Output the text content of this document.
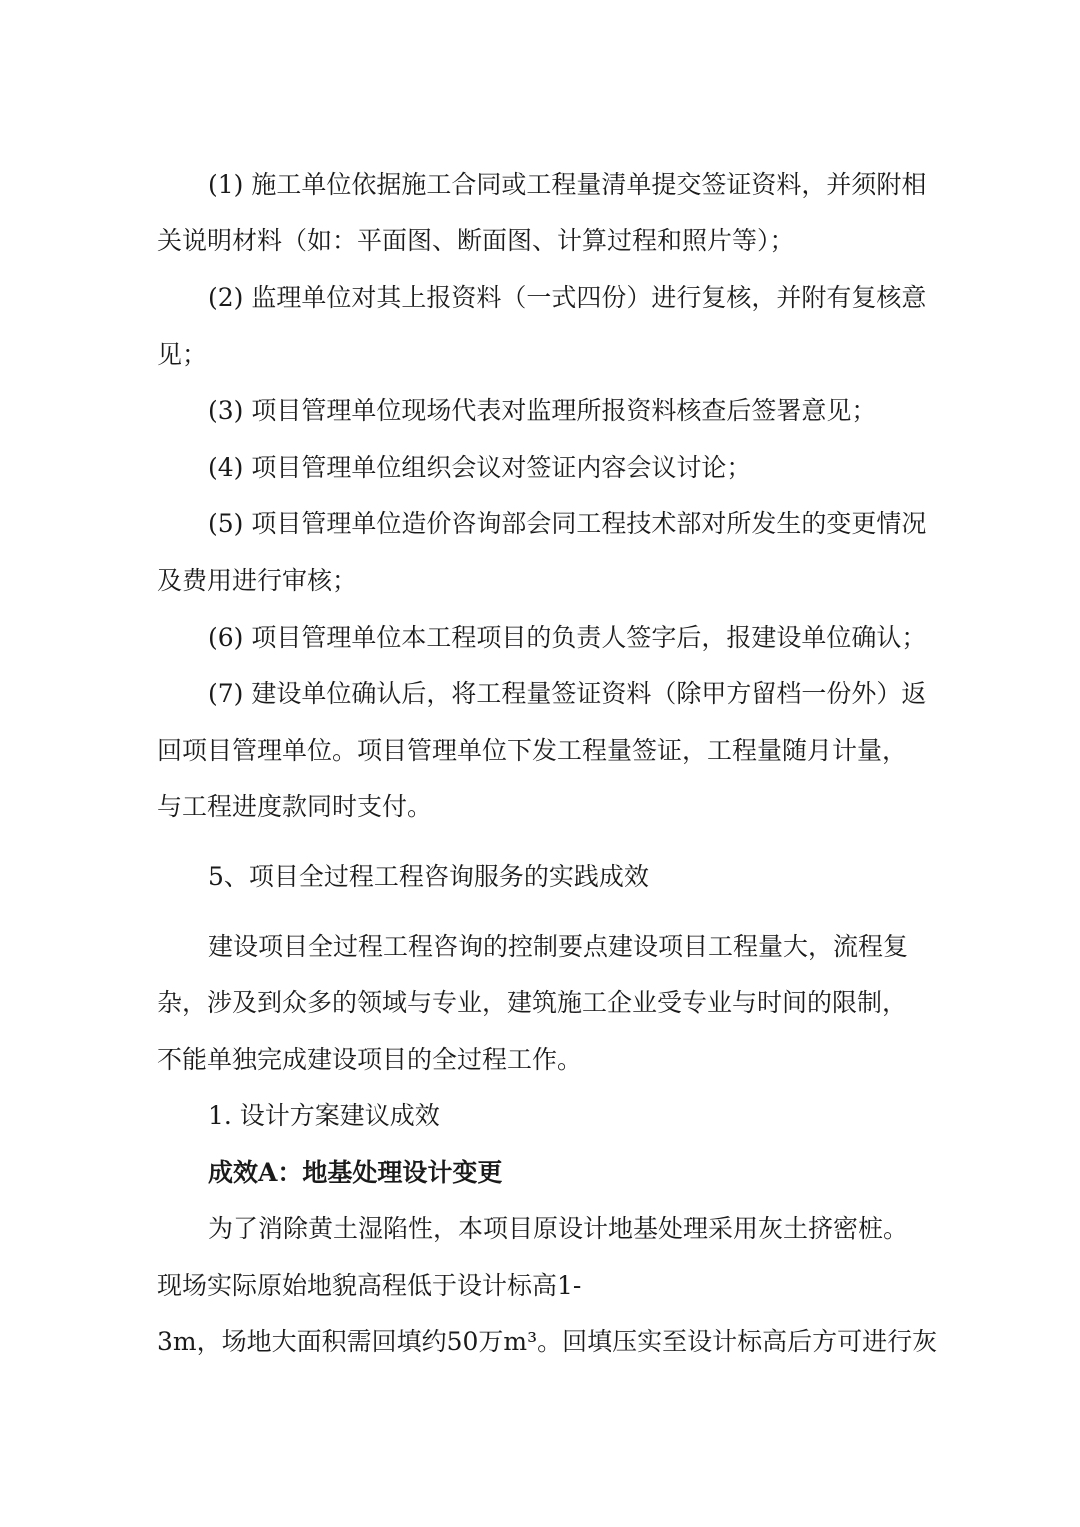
(1) 施工单位依据施工合同或工程量清单提交签证资料，并须附相
关说明材料（如：平面图、断面图、计算过程和照片等）；
(2) 监理单位对其上报资料（一式四份）进行复核，并附有复核意
见；
(3) 项目管理单位现场代表对监理所报资料核查后签署意见；
(4) 项目管理单位组织会议对签证内容会议讨论；
(5) 项目管理单位造价咨询部会同工程技术部对所发生的变更情况
及费用进行审核；
(6) 项目管理单位本工程项目的负责人签字后，报建设单位确认；
(7) 建设单位确认后，将工程量签证资料（除甲方留档一份外）返
回项目管理单位。项目管理单位下发工程量签证，工程量随月计量，
与工程进度款同时支付。
5、项目全过程工程咨询服务的实践成效
建设项目全过程工程咨询的控制要点建设项目工程量大，流程复
杂，涉及到众多的领域与专业，建筑施工企业受专业与时间的限制，
不能单独完成建设项目的全过程工作。
1. 设计方案建议成效
成效A：地基处理设计变更
为了消除黄土湿陷性，本项目原设计地基处理采用灰土挤密桩。
现场实际原始地貌高程低于设计标高1-
3m，场地大面积需回填约50万m³。回填压实至设计标高后方可进行灰
